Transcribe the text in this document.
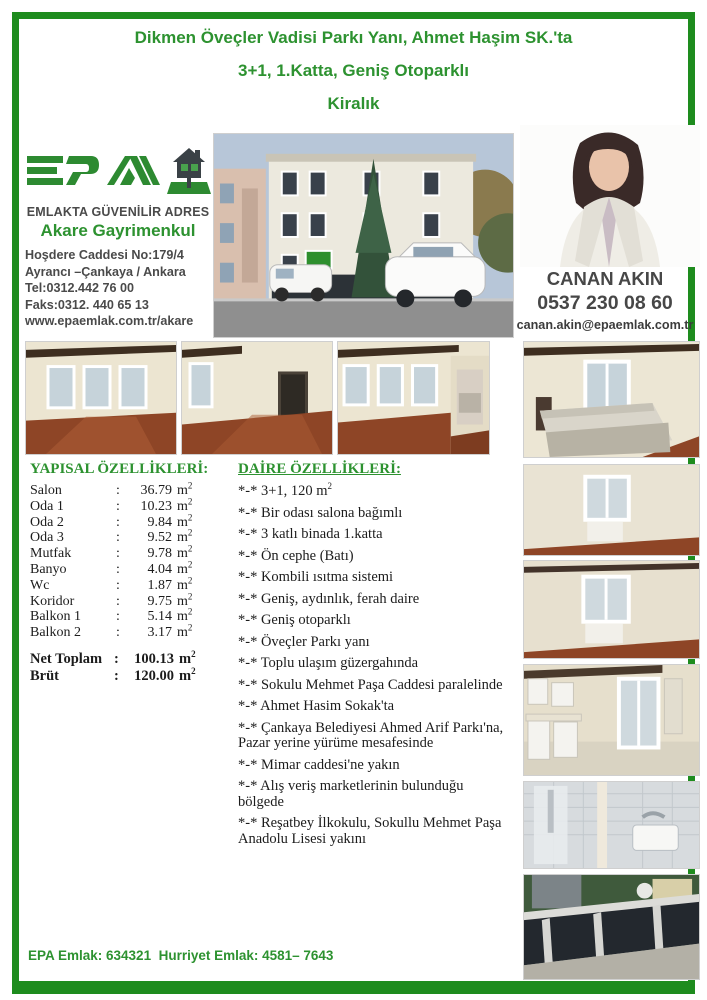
Dikmen Öveçler Vadisi Parkı Yanı, Ahmet Haşim SK.'ta
3+1, 1.Katta, Geniş Otoparklı
Kiralık
EMLAKTA GÜVENİLİR ADRES
Akare Gayrimenkul
Hoşdere Caddesi No:179/4
Ayrancı –Çankaya / Ankara
Tel:0312.442 76 00
Faks:0312. 440 65 13
www.epaemlak.com.tr/akare
CANAN AKIN
0537 230 08 60
canan.akin@epaemlak.com.tr
YAPISAL ÖZELLİKLERİ:
Salon	:	36.79 $m^2$
Oda 1	:	10.23 $m^2$
Oda 2	:	9.84 $m^2$
Oda 3	:	9.52 $m^2$
Mutfak	:	9.78 $m^2$
Banyo	:	4.04 $m^2$
Wc	:	1.87 $m^2$
Koridor	:	9.75 $m^2$
Balkon 1	:	5.14 $m^2$
Balkon 2	:	3.17 $m^2$
Net Toplam :	100.13 $m^2$
Brüt	:	120.00 $m^2$
DAİRE ÖZELLİKLERİ:
*-* 3+1, 120 $m^2$
*-* Bir odası salona bağımlı
*-* 3 katlı binada 1.katta
*-* Ön cephe (Batı)
*-* Kombili ısıtma sistemi
*-* Geniş, aydınlık, ferah daire
*-* Geniş otoparklı
*-* Öveçler Parkı yanı
*-* Toplu ulaşım güzergahında
*-* Sokulu Mehmet Paşa Caddesi paralelinde
*-* Ahmet Hasim Sokak'ta
*-* Çankaya Belediyesi Ahmed Arif Parkı'na, Pazar yerine yürüme mesafesinde
*-* Mimar caddesi'ne yakın
*-* Alış veriş marketlerinin bulunduğu bölgede
*-* Reşatbey İlkokulu, Sokullu Mehmet Paşa Anadolu Lisesi yakını
EPA Emlak: 634321  Hurriyet Emlak: 4581– 7643
